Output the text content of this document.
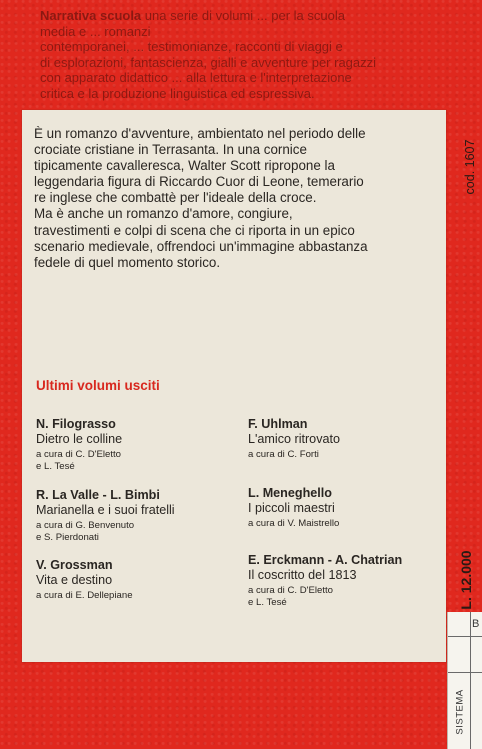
Narrativa scuola una serie di volumi ... per la scuola
media e ... romanzi
contemporanei, ... testimonianze, racconti di viaggi e
di esplorazioni, fantascienza, gialli e avventure per ragazzi
con apparato didattico ... alla lettura e l'interpretazione
critica e la produzione linguistica ed espressiva.
cod. 1607
È un romanzo d'avventure, ambientato nel periodo delle
crociate cristiane in Terrasanta. In una cornice
tipicamente cavalleresca, Walter Scott ripropone la
leggendaria figura di Riccardo Cuor di Leone, temerario
re inglese che combattè per l'ideale della croce.
Ma è anche un romanzo d'amore, congiure,
travestimenti e colpi di scena che ci riporta in un epico
scenario medievale, offrendoci un'immagine abbastanza
fedele di quel momento storico.
Ultimi volumi usciti
N. Filograsso
Dietro le colline
a cura di C. D'Eletto
e L. Tesé
F. Uhlman
L'amico ritrovato
a cura di C. Forti
R. La Valle - L. Bimbi
Marianella e i suoi fratelli
a cura di G. Benvenuto
e S. Pierdonati
L. Meneghello
I piccoli maestri
a cura di V. Maistrello
V. Grossman
Vita e destino
a cura di E. Dellepiane
E. Erckmann - A. Chatrian
Il coscritto del 1813
a cura di C. D'Eletto
e L. Tesé	L. 12.000
B
SISTEMA
